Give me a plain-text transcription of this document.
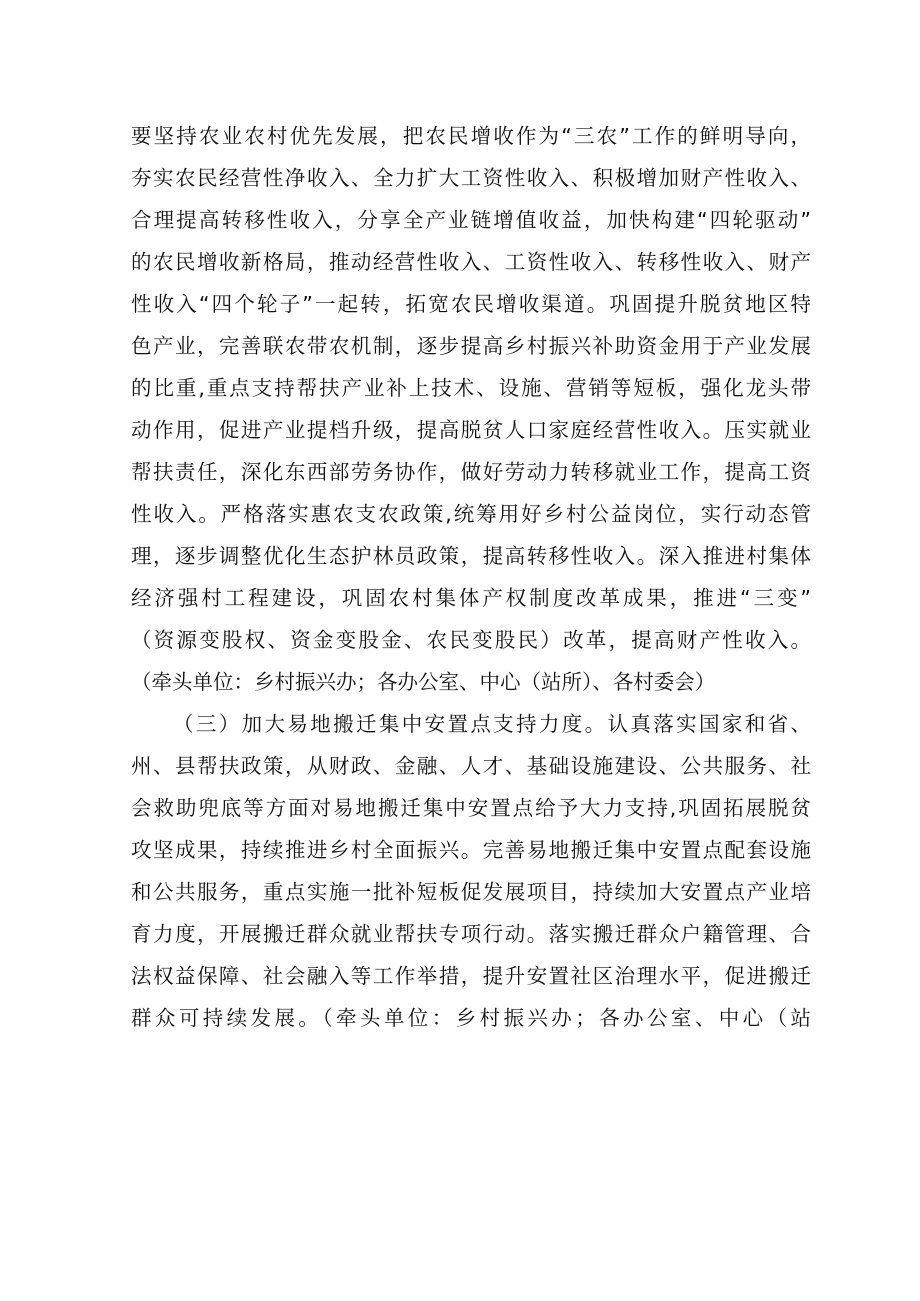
要坚持农业农村优先发展，把农民增收作为“三农”工作的鲜明导向，
夯实农民经营性净收入、全力扩大工资性收入、积极增加财产性收入、
合理提高转移性收入，分享全产业链增值收益，加快构建“四轮驱动”
的农民增收新格局，推动经营性收入、工资性收入、转移性收入、财产
性收入“四个轮子”一起转，拓宽农民增收渠道。巩固提升脱贫地区特
色产业，完善联农带农机制，逐步提高乡村振兴补助资金用于产业发展
的比重,重点支持帮扶产业补上技术、设施、营销等短板，强化龙头带
动作用，促进产业提档升级，提高脱贫人口家庭经营性收入。压实就业
帮扶责任，深化东西部劳务协作，做好劳动力转移就业工作，提高工资
性收入。严格落实惠农支农政策,统筹用好乡村公益岗位，实行动态管
理，逐步调整优化生态护林员政策，提高转移性收入。深入推进村集体
经济强村工程建设，巩固农村集体产权制度改革成果，推进“三变”
（资源变股权、资金变股金、农民变股民）改革，提高财产性收入。
（牵头单位：乡村振兴办；各办公室、中心（站所）、各村委会）
（三）加大易地搬迁集中安置点支持力度。认真落实国家和省、
州、县帮扶政策，从财政、金融、人才、基础设施建设、公共服务、社
会救助兜底等方面对易地搬迁集中安置点给予大力支持,巩固拓展脱贫
攻坚成果，持续推进乡村全面振兴。完善易地搬迁集中安置点配套设施
和公共服务，重点实施一批补短板促发展项目，持续加大安置点产业培
育力度，开展搬迁群众就业帮扶专项行动。落实搬迁群众户籍管理、合
法权益保障、社会融入等工作举措，提升安置社区治理水平，促进搬迁
群众可持续发展。（牵头单位：乡村振兴办；各办公室、中心（站
